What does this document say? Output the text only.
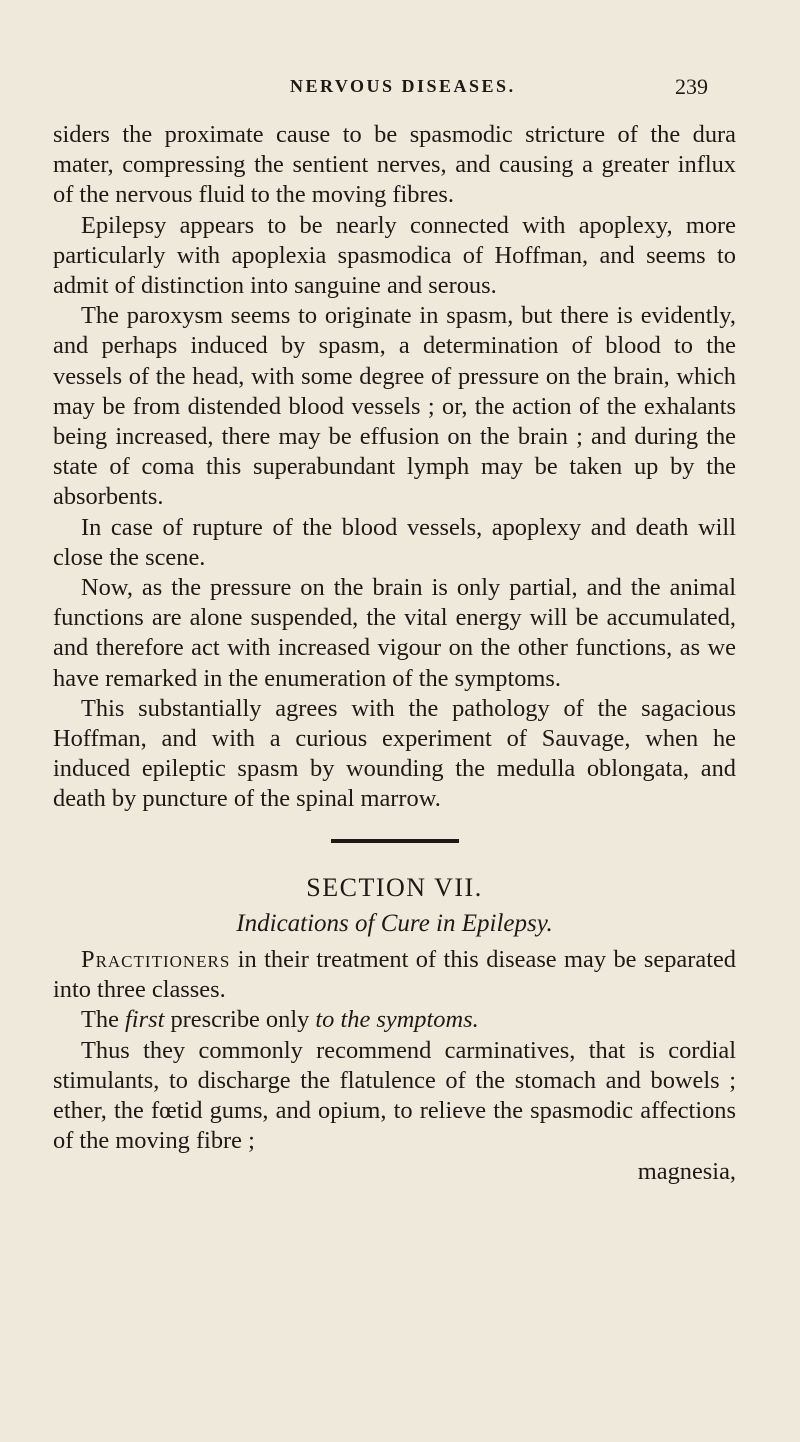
NERVOUS DISEASES.	239

siders the proximate cause to be spasmodic stricture of the dura mater, compressing the sentient nerves, and causing a greater influx of the nervous fluid to the moving fibres.

Epilepsy appears to be nearly connected with apoplexy, more particularly with apoplexia spasmodica of Hoffman, and seems to admit of distinction into sanguine and serous.

The paroxysm seems to originate in spasm, but there is evidently, and perhaps induced by spasm, a determination of blood to the vessels of the head, with some degree of pressure on the brain, which may be from distended blood vessels ; or, the action of the exhalants being increased, there may be effusion on the brain ; and during the state of coma this superabundant lymph may be taken up by the absorbents.

In case of rupture of the blood vessels, apoplexy and death will close the scene.

Now, as the pressure on the brain is only partial, and the animal functions are alone suspended, the vital energy will be accumulated, and therefore act with increased vigour on the other functions, as we have remarked in the enumeration of the symptoms.

This substantially agrees with the pathology of the sagacious Hoffman, and with a curious experiment of Sauvage, when he induced epileptic spasm by wounding the medulla oblongata, and death by puncture of the spinal marrow.

SECTION VII.
Indications of Cure in Epilepsy.

Practitioners in their treatment of this disease may be separated into three classes.

The first prescribe only to the symptoms.

Thus they commonly recommend carminatives, that is cordial stimulants, to discharge the flatulence of the stomach and bowels ; ether, the fœtid gums, and opium, to relieve the spasmodic affections of the moving fibre ;

magnesia,
